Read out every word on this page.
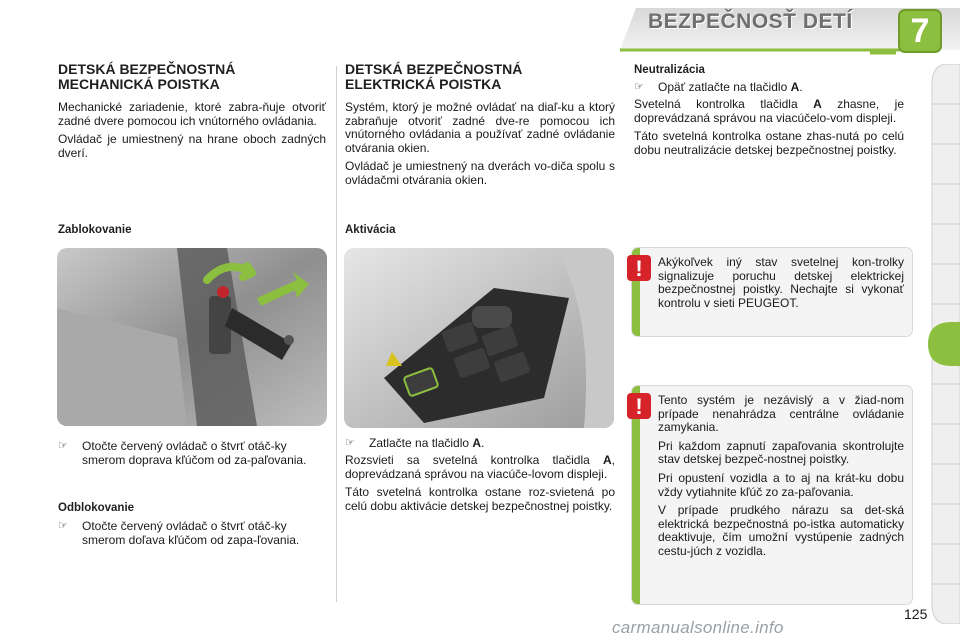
BEZPEČNOSŤ DETÍ	7
DETSKÁ BEZPEČNOSTNÁ
MECHANICKÁ POISTKA

Mechanické zariadenie, ktoré zabra-ňuje otvoriť zadné dvere pomocou ich vnútorného ovládania.

Ovládač je umiestnený na hrane oboch zadných dverí.

Zablokovanie
☞ Otočte červený ovládač o štvrť otáč-ky smerom doprava kľúčom od za-paľovania.
Odblokovanie
☞ Otočte červený ovládač o štvrť otáč-ky smerom doľava kľúčom od zapa-ľovania.
DETSKÁ BEZPEČNOSTNÁ
ELEKTRICKÁ POISTKA

Systém, ktorý je možné ovládať na diaľ-ku a ktorý zabraňuje otvoriť zadné dve-re pomocou ich vnútorného ovládania a používať zadné ovládanie otvárania okien.

Ovládač je umiestnený na dverách vo-diča spolu s ovládačmi otvárania okien.

Aktivácia
☞ Zatlačte na tlačidlo A.

Rozsvieti sa svetelná kontrolka tlačidla A, doprevádzaná správou na viacúče-lovom displeji.

Táto svetelná kontrolka ostane roz-svietená po celú dobu aktivácie detskej bezpečnostnej poistky.

Neutralizácia
☞ Opäť zatlačte na tlačidlo A.

Svetelná kontrolka tlačidla A zhasne, je doprevádzaná správou na viacúčelo-vom displeji.

Táto svetelná kontrolka ostane zhas-nutá po celú dobu neutralizácie detskej bezpečnostnej poistky.

Akýkoľvek iný stav svetelnej kon-trolky signalizuje poruchu detskej elektrickej bezpečnostnej poistky. Nechajte si vykonať kontrolu v sieti PEUGEOT.
!

Tento systém je nezávislý a v žiad-nom prípade nenahrádza centrálne ovládanie zamykania.

Pri každom zapnutí zapaľovania skontrolujte stav detskej bezpeč-nostnej poistky.

Pri opustení vozidla a to aj na krát-ku dobu vždy vytiahnite kľúč zo za-paľovania.

V prípade prudkého nárazu sa det-ská elektrická bezpečnostná po-istka automaticky deaktivuje, čím umožní vystúpenie zadných cestu-júch z vozidla.

!
125
carmanualsonline.info
